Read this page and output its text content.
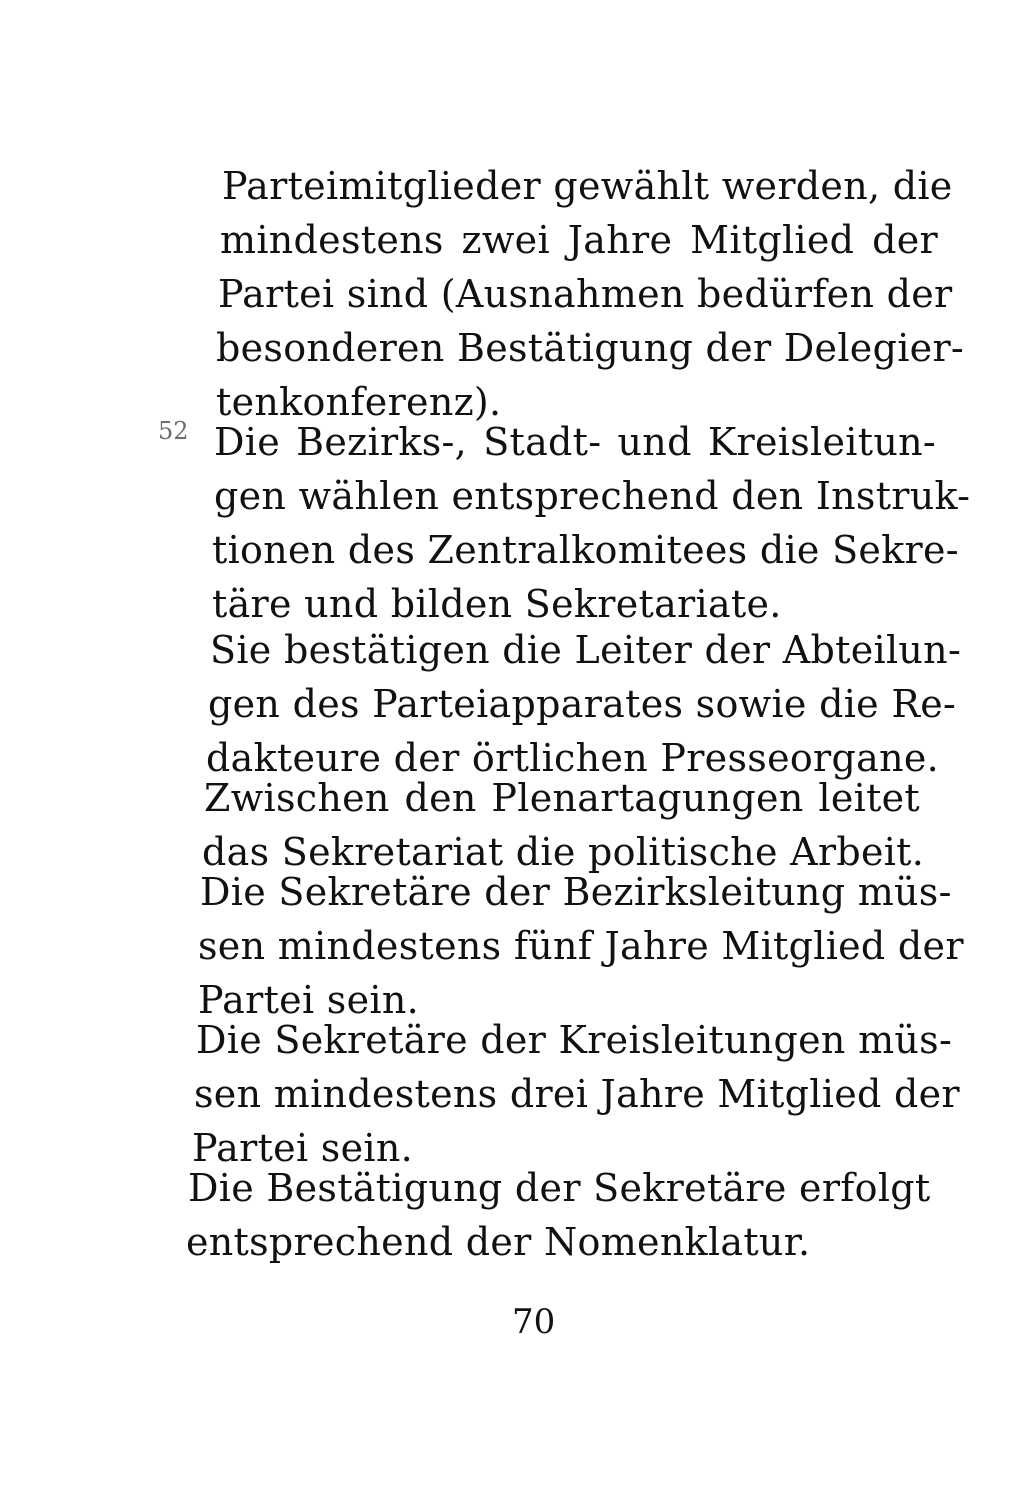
52
Parteimitglieder gewählt werden, die
mindestens zwei Jahre Mitglied der
Partei sind (Ausnahmen bedürfen der
besonderen Bestätigung der Delegier-
tenkonferenz).
Die Bezirks-, Stadt- und Kreisleitun-
gen wählen entsprechend den Instruk-
tionen des Zentralkomitees die Sekre-
täre und bilden Sekretariate.
Sie bestätigen die Leiter der Abteilun-
gen des Parteiapparates sowie die Re-
dakteure der örtlichen Presseorgane.
Zwischen den Plenartagungen leitet
das Sekretariat die politische Arbeit.
Die Sekretäre der Bezirksleitung müs-
sen mindestens fünf Jahre Mitglied der
Partei sein.
Die Sekretäre der Kreisleitungen müs-
sen mindestens drei Jahre Mitglied der
Partei sein.
Die Bestätigung der Sekretäre erfolgt
entsprechend der Nomenklatur.
70
